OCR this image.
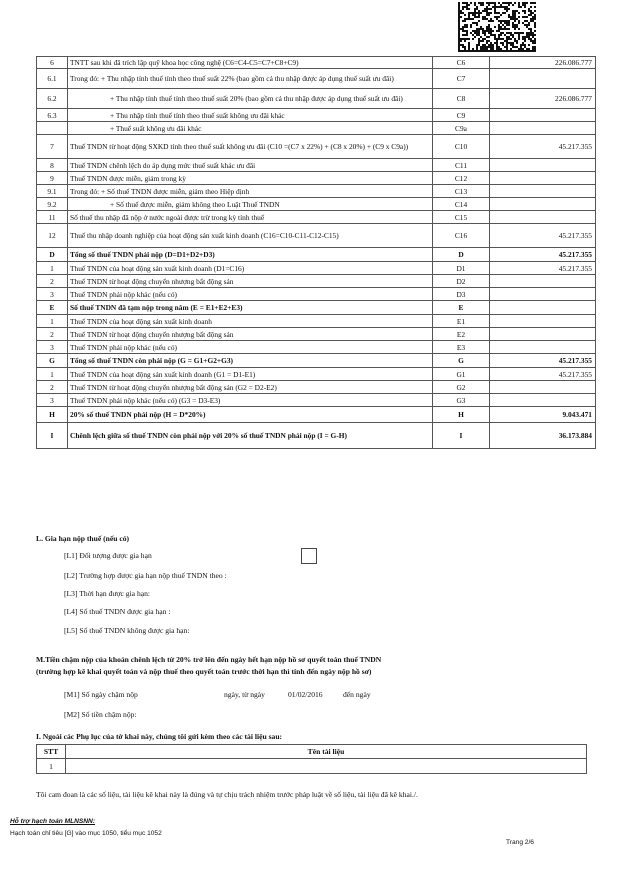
6	TNTT sau khi đã trích lập quỹ khoa học công nghệ (C6=C4-C5=C7+C8+C9)	C6	226.086.777
6.1	Trong đó: + Thu nhập tính thuế tính theo thuế suất 22% (bao gồm cả thu nhập được áp dụng thuế suất ưu đãi)	C7	
6.2	+ Thu nhập tính thuế tính theo thuế suất 20% (bao gồm cả thu nhập được áp dụng thuế suất ưu đãi)	C8	226.086.777
6.3	+ Thu nhập tính thuế tính theo thuế suất không ưu đãi khác	C9	
	+ Thuế suất không ưu đãi khác	C9a	
7	Thuế TNDN từ hoạt động SXKD tính theo thuế suất không ưu đãi (C10 =(C7 x 22%) + (C8 x 20%) + (C9 x C9a))	C10	45.217.355
8	Thuế TNDN chênh lệch do áp dụng mức thuế suất khác ưu đãi	C11	
9	Thuế TNDN được miễn, giảm trong kỳ	C12	
9.1	Trong đó: + Số thuế TNDN được miễn, giảm theo Hiệp định	C13	
9.2	+ Số thuế được miễn, giảm không theo Luật Thuế TNDN	C14	
11	Số thuế thu nhập đã nộp ở nước ngoài được trừ trong kỳ tính thuế	C15	
12	Thuế thu nhập doanh nghiệp của hoạt động sản xuất kinh doanh (C16=C10-C11-C12-C15)	C16	45.217.355
D	Tổng số thuế TNDN phải nộp (D=D1+D2+D3)	D	45.217.355
1	Thuế TNDN của hoạt động sản xuất kinh doanh (D1=C16)	D1	45.217.355
2	Thuế TNDN từ hoạt động chuyển nhượng bất động sản	D2	
3	Thuế TNDN phải nộp khác (nếu có)	D3	
E	Số thuế TNDN đã tạm nộp trong năm (E = E1+E2+E3)	E	
1	Thuế TNDN của hoạt động sản xuất kinh doanh	E1	
2	Thuế TNDN từ hoạt động chuyển nhượng bất động sản	E2	
3	Thuế TNDN phải nộp khác (nếu có)	E3	
G	Tổng số thuế TNDN còn phải nộp (G = G1+G2+G3)	G	45.217.355
1	Thuế TNDN của hoạt động sản xuất kinh doanh (G1 = D1-E1)	G1	45.217.355
2	Thuế TNDN từ hoạt động chuyển nhượng bất động sản (G2 = D2-E2)	G2	
3	Thuế TNDN phải nộp khác (nếu có) (G3 = D3-E3)	G3	
H	20% số thuế TNDN phải nộp (H = D*20%)	H	9.043.471
I	Chênh lệch giữa số thuế TNDN còn phải nộp với 20% số thuế TNDN phải nộp (I = G-H)	I	36.173.884
L. Gia hạn nộp thuế (nếu có)
[L1] Đối tượng được gia hạn
[L2] Trường hợp được gia hạn nộp thuế TNDN theo :
[L3] Thời hạn được gia hạn:
[L4] Số thuế TNDN được gia hạn :
[L5] Số thuế TNDN không được gia hạn:
M.Tiền chậm nộp của khoản chênh lệch từ 20% trở lên đến ngày hết hạn nộp hồ sơ quyết toán thuế TNDN
(trường hợp kê khai quyết toán và nộp thuế theo quyết toán trước thời hạn thì tính đến ngày nộp hồ sơ)
[M1] Số ngày chậm nộp	ngày, từ ngày	01/02/2016	đến ngày
[M2] Số tiền chậm nộp:
I. Ngoài các Phụ lục của tờ khai này, chúng tôi gửi kèm theo các tài liệu sau:
STT	Tên tài liệu
1	
Tôi cam đoan là các số liệu, tài liệu kê khai này là đúng và tự chịu trách nhiệm trước pháp luật về số liệu, tài liệu đã kê khai./.
Hỗ trợ hạch toán MLNSNN:
Hạch toán chỉ tiêu [G] vào mục 1050, tiểu mục 1052
Trang 2/6
